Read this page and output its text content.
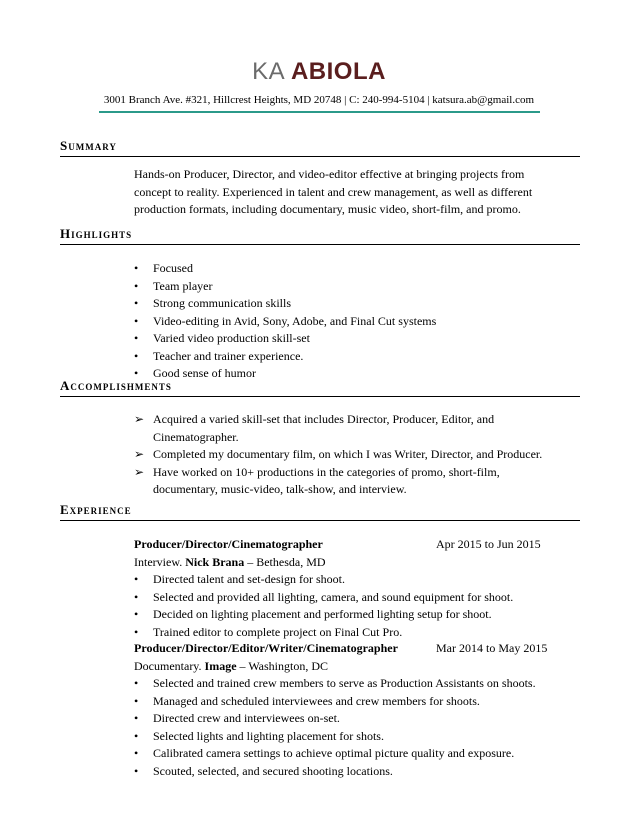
KA ABIOLA
3001 Branch Ave. #321, Hillcrest Heights, MD 20748 | C: 240-994-5104 | katsura.ab@gmail.com
Summary
Hands-on Producer, Director, and video-editor effective at bringing projects from
concept to reality. Experienced in talent and crew management, as well as different
production formats, including documentary, music video, short-film, and promo.
Highlights
• Focused
• Team player
• Strong communication skills
• Video-editing in Avid, Sony, Adobe, and Final Cut systems
• Varied video production skill-set
• Teacher and trainer experience.
• Good sense of humor
Accomplishments
➢ Acquired a varied skill-set that includes Director, Producer, Editor, and
Cinematographer.
➢ Completed my documentary film, on which I was Writer, Director, and Producer.
➢ Have worked on 10+ productions in the categories of promo, short-film,
documentary, music-video, talk-show, and interview.
Experience
Producer/Director/Cinematographer	Apr 2015 to Jun 2015
Interview. Nick Brana – Bethesda, MD
• Directed talent and set-design for shoot.
• Selected and provided all lighting, camera, and sound equipment for shoot.
• Decided on lighting placement and performed lighting setup for shoot.
• Trained editor to complete project on Final Cut Pro.
Producer/Director/Editor/Writer/Cinematographer	Mar 2014 to May 2015
Documentary. Image – Washington, DC
• Selected and trained crew members to serve as Production Assistants on shoots.
• Managed and scheduled interviewees and crew members for shoots.
• Directed crew and interviewees on-set.
• Selected lights and lighting placement for shots.
• Calibrated camera settings to achieve optimal picture quality and exposure.
• Scouted, selected, and secured shooting locations.
